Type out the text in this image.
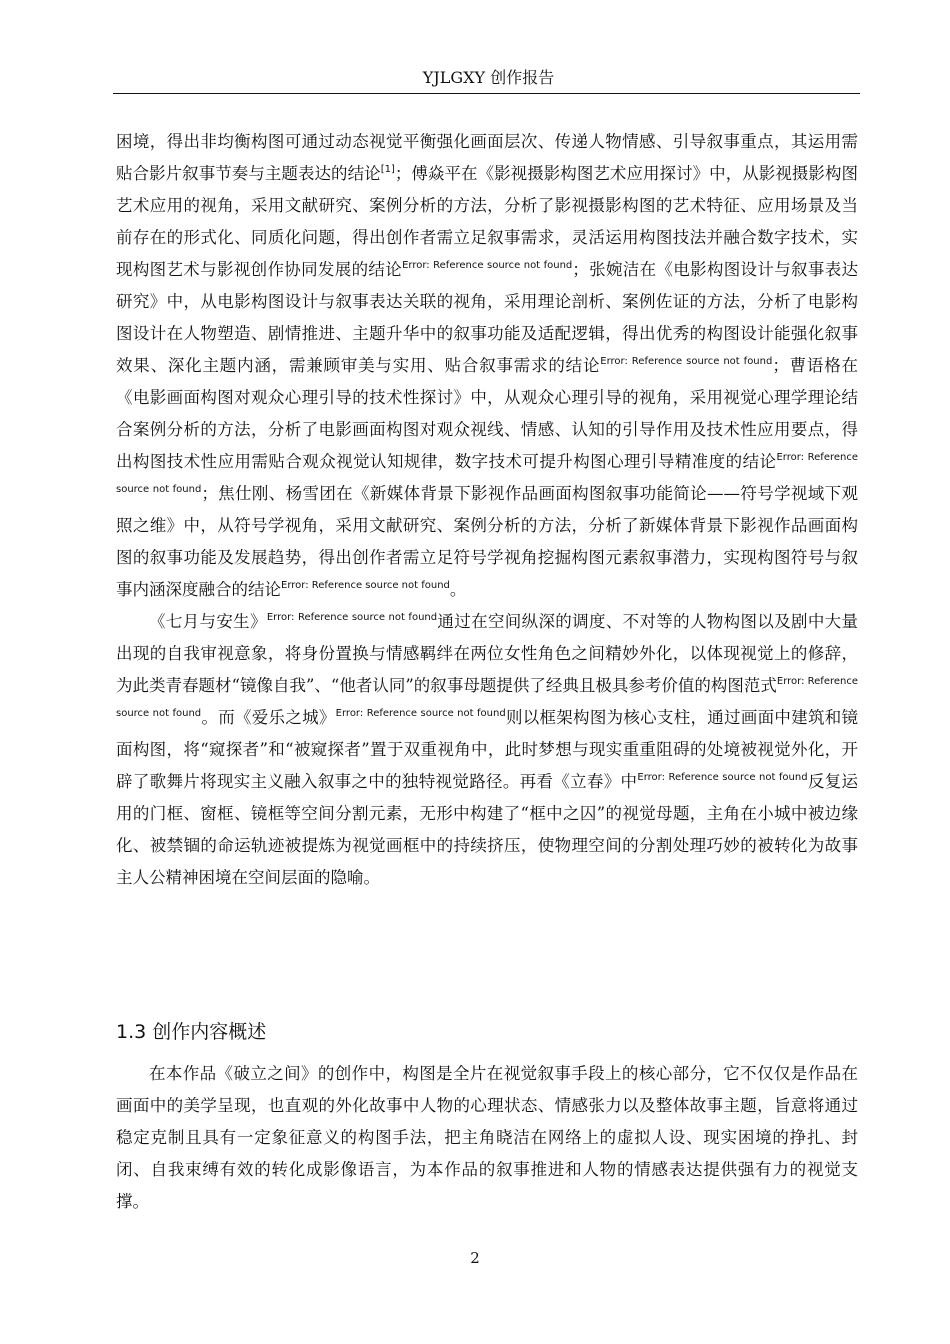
YJLGXY 创作报告

困境，得出非均衡构图可通过动态视觉平衡强化画面层次、传递人物情感、引导叙事重点，其运用需贴合影片叙事节奏与主题表达的结论[1]；傅焱平在《影视摄影构图艺术应用探讨》中，从影视摄影构图艺术应用的视角，采用文献研究、案例分析的方法，分析了影视摄影构图的艺术特征、应用场景及当前存在的形式化、同质化问题，得出创作者需立足叙事需求，灵活运用构图技法并融合数字技术，实现构图艺术与影视创作协同发展的结论$^{Error: Reference source not found}$；张婉洁在《电影构图设计与叙事表达研究》中，从电影构图设计与叙事表达关联的视角，采用理论剖析、案例佐证的方法，分析了电影构图设计在人物塑造、剧情推进、主题升华中的叙事功能及适配逻辑，得出优秀的构图设计能强化叙事效果、深化主题内涵，需兼顾审美与实用、贴合叙事需求的结论$^{Error: Reference source not found}$；曹语格在《电影画面构图对观众心理引导的技术性探讨》中，从观众心理引导的视角，采用视觉心理学理论结合案例分析的方法，分析了电影画面构图对观众视线、情感、认知的引导作用及技术性应用要点，得出构图技术性应用需贴合观众视觉认知规律，数字技术可提升构图心理引导精准度的结论$^{Error: Reference source not found}$；焦仕刚、杨雪团在《新媒体背景下影视作品画面构图叙事功能简论——符号学视域下观照之维》中，从符号学视角，采用文献研究、案例分析的方法，分析了新媒体背景下影视作品画面构图的叙事功能及发展趋势，得出创作者需立足符号学视角挖掘构图元素叙事潜力，实现构图符号与叙事内涵深度融合的结论$^{Error: Reference source not found}$。

《七月与安生》$^{Error: Reference source not found}$通过在空间纵深的调度、不对等的人物构图以及剧中大量出现的自我审视意象，将身份置换与情感羁绊在两位女性角色之间精妙外化，以体现视觉上的修辞，为此类青春题材“镜像自我”、“他者认同”的叙事母题提供了经典且极具参考价值的构图范式$^{Error: Reference source not found}$。而《爱乐之城》$^{Error: Reference source not found}$则以框架构图为核心支柱，通过画面中建筑和镜面构图，将“窥探者”和“被窥探者”置于双重视角中，此时梦想与现实重重阻碍的处境被视觉外化，开辟了歌舞片将现实主义融入叙事之中的独特视觉路径。再看《立春》中$^{Error: Reference source not found}$反复运用的门框、窗框、镜框等空间分割元素，无形中构建了“框中之囚”的视觉母题，主角在小城中被边缘化、被禁锢的命运轨迹被提炼为视觉画框中的持续挤压，使物理空间的分割处理巧妙的被转化为故事主人公精神困境在空间层面的隐喻。

1.3 创作内容概述

在本作品《破立之间》的创作中，构图是全片在视觉叙事手段上的核心部分，它不仅仅是作品在画面中的美学呈现，也直观的外化故事中人物的心理状态、情感张力以及整体故事主题，旨意将通过稳定克制且具有一定象征意义的构图手法，把主角晓洁在网络上的虚拟人设、现实困境的挣扎、封闭、自我束缚有效的转化成影像语言，为本作品的叙事推进和人物的情感表达提供强有力的视觉支撑。

2
